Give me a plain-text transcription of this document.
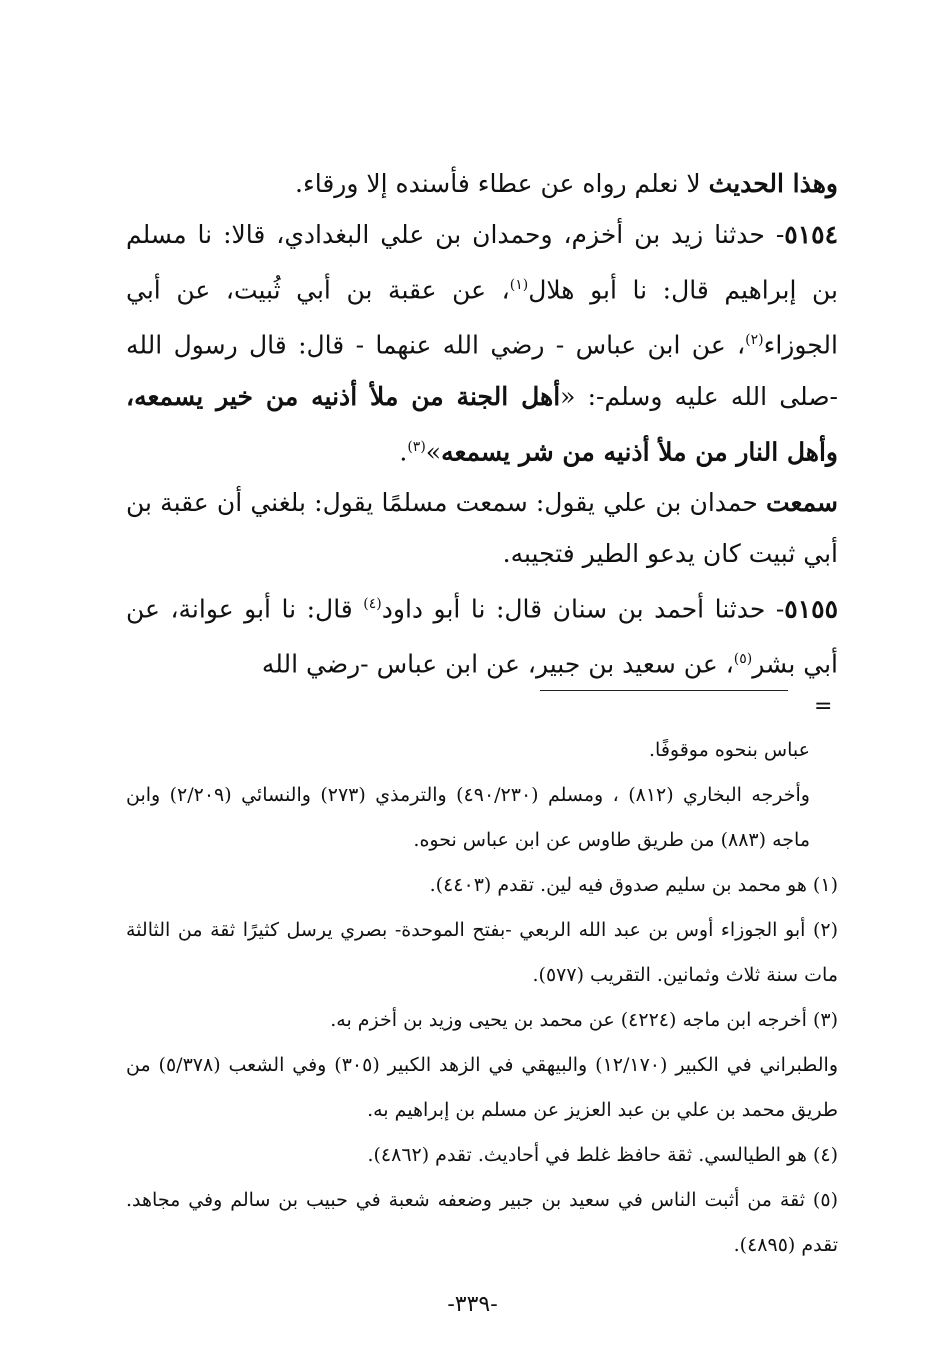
وهذا الحديث لا نعلم رواه عن عطاء فأسنده إلا ورقاء.

٥١٥٤- حدثنا زيد بن أخزم، وحمدان بن علي البغدادي، قالا: نا مسلم بن إبراهيم قال: نا أبو هلال$^{(١)}$، عن عقبة بن أبي ثُبيت، عن أبي الجوزاء$^{(٢)}$، عن ابن عباس - رضي الله عنهما - قال: قال رسول الله -صلى الله عليه وسلم-: «أهل الجنة من ملأ أذنيه من خير يسمعه، وأهل النار من ملأ أذنيه من شر يسمعه»$^{(٣)}$.

سمعت حمدان بن علي يقول: سمعت مسلمًا يقول: بلغني أن عقبة بن أبي ثبيت كان يدعو الطير فتجيبه.

٥١٥٥- حدثنا أحمد بن سنان قال: نا أبو داود$^{(٤)}$ قال: نا أبو عوانة، عن أبي بشر$^{(٥)}$، عن سعيد بن جبير، عن ابن عباس -رضي الله

=

عباس بنحوه موقوفًا.

وأخرجه البخاري (٨١٢) ، ومسلم (٤٩٠/٢٣٠) والترمذي (٢٧٣) والنسائي (٢/٢٠٩) وابن ماجه (٨٨٣) من طريق طاوس عن ابن عباس نحوه.

(١) هو محمد بن سليم صدوق فيه لين. تقدم (٤٤٠٣).

(٢) أبو الجوزاء أوس بن عبد الله الربعي -بفتح الموحدة- بصري يرسل كثيرًا ثقة من الثالثة مات سنة ثلاث وثمانين. التقريب (٥٧٧).

(٣) أخرجه ابن ماجه (٤٢٢٤) عن محمد بن يحيى وزيد بن أخزم به.

والطبراني في الكبير (١٢/١٧٠) والبيهقي في الزهد الكبير (٣٠٥) وفي الشعب (٥/٣٧٨) من طريق محمد بن علي بن عبد العزيز عن مسلم بن إبراهيم به.

(٤) هو الطيالسي. ثقة حافظ غلط في أحاديث. تقدم (٤٨٦٢).

(٥) ثقة من أثبت الناس في سعيد بن جبير وضعفه شعبة في حبيب بن سالم وفي مجاهد. تقدم (٤٨٩٥).

-٣٣٩-
